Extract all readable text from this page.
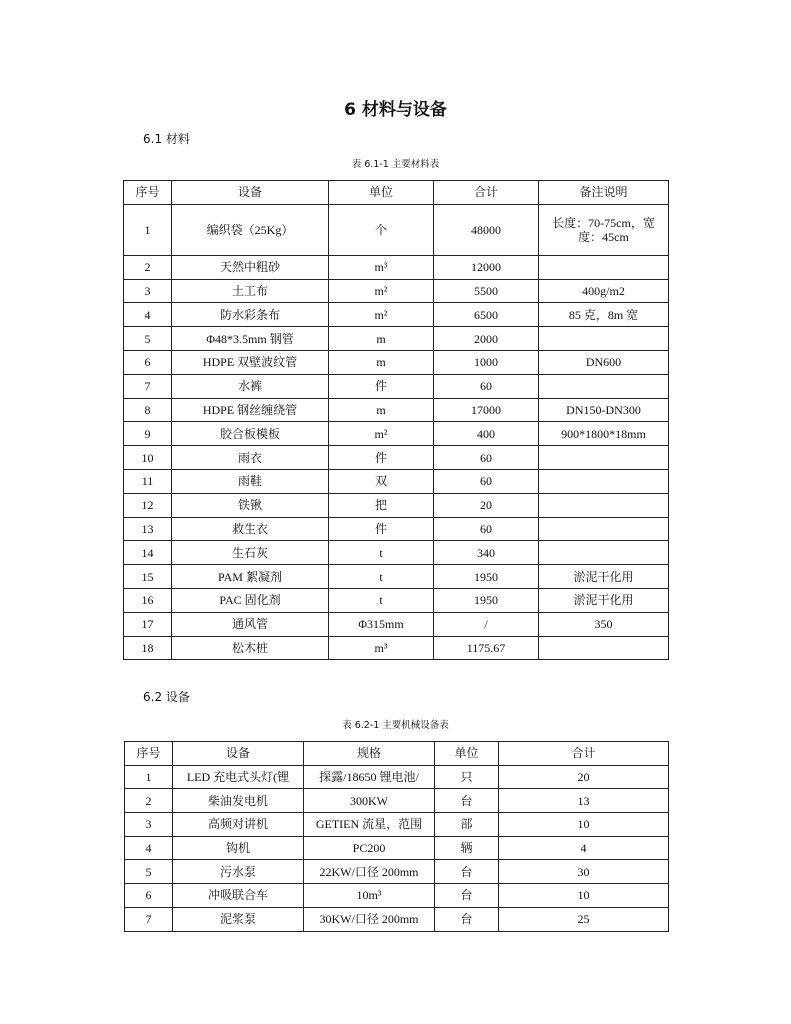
6 材料与设备
6.1 材料
表 6.1-1 主要材料表
序号	设备	单位	合计	备注说明
1	编织袋（25Kg）	个	48000	长度：70-75cm，宽度：45cm
2	天然中粗砂	m³	12000	
3	土工布	m²	5500	400g/m2
4	防水彩条布	m²	6500	85 克，8m 宽
5	Φ48*3.5mm 钢管	m	2000	
6	HDPE 双壁波纹管	m	1000	DN600
7	水裤	件	60	
8	HDPE 钢丝缠绕管	m	17000	DN150-DN300
9	胶合板模板	m²	400	900*1800*18mm
10	雨衣	件	60	
11	雨鞋	双	60	
12	铁锹	把	20	
13	救生衣	件	60	
14	生石灰	t	340	
15	PAM 絮凝剂	t	1950	淤泥干化用
16	PAC 固化剂	t	1950	淤泥干化用
17	通风管	Φ315mm	/	350
18	松木桩	m³	1175.67	
6.2 设备
表 6.2-1 主要机械设备表
序号	设备	规格	单位	合计
1	LED 充电式头灯(锂	探露/18650 锂电池/	只	20
2	柴油发电机	300KW	台	13
3	高频对讲机	GETIEN 流星，范围	部	10
4	钩机	PC200	辆	4
5	污水泵	22KW/口径 200mm	台	30
6	冲吸联合车	10m³	台	10
7	泥浆泵	30KW/口径 200mm	台	25
